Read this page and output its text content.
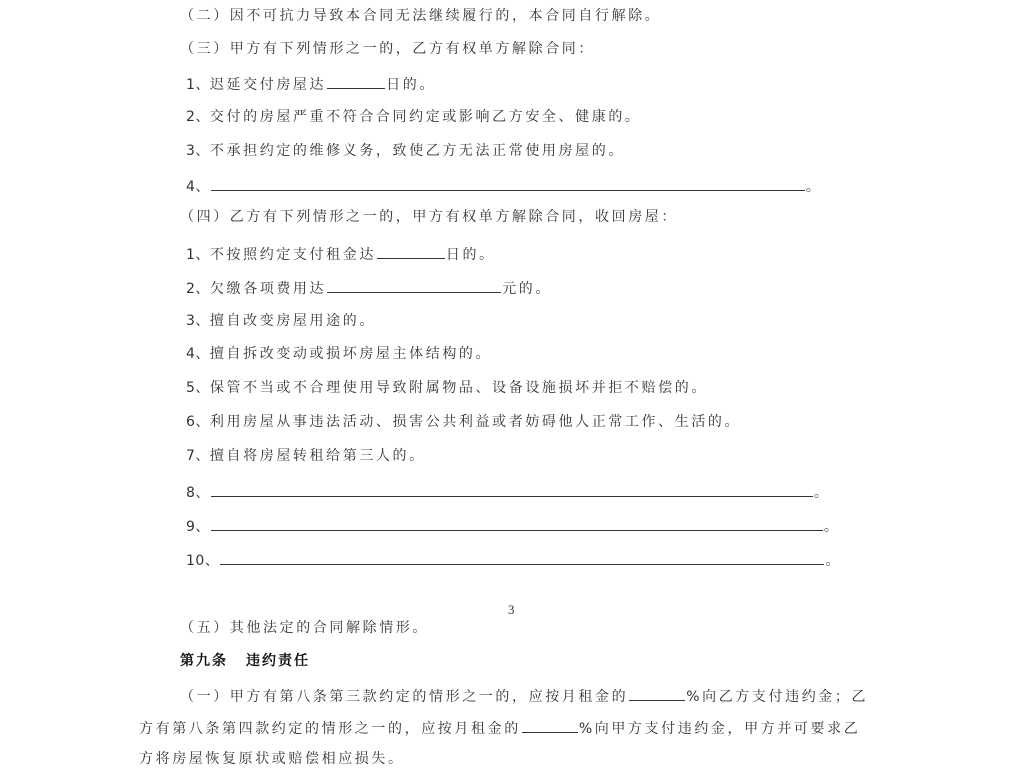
（二）因不可抗力导致本合同无法继续履行的，本合同自行解除。
（三）甲方有下列情形之一的，乙方有权单方解除合同：
1、迟延交付房屋达	日的。
2、交付的房屋严重不符合合同约定或影响乙方安全、健康的。
3、不承担约定的维修义务，致使乙方无法正常使用房屋的。
4、	。
（四）乙方有下列情形之一的，甲方有权单方解除合同，收回房屋：
1、不按照约定支付租金达	日的。
2、欠缴各项费用达	元的。
3、擅自改变房屋用途的。
4、擅自拆改变动或损坏房屋主体结构的。
5、保管不当或不合理使用导致附属物品、设备设施损坏并拒不赔偿的。
6、利用房屋从事违法活动、损害公共利益或者妨碍他人正常工作、生活的。
7、擅自将房屋转租给第三人的。
8、	。
9、	。
10、	。
3
（五）其他法定的合同解除情形。
第九条 违约责任
（一）甲方有第八条第三款约定的情形之一的，应按月租金的	%向乙方支付违约金；乙
方有第八条第四款约定的情形之一的，应按月租金的	%向甲方支付违约金，甲方并可要求乙
方将房屋恢复原状或赔偿相应损失。
